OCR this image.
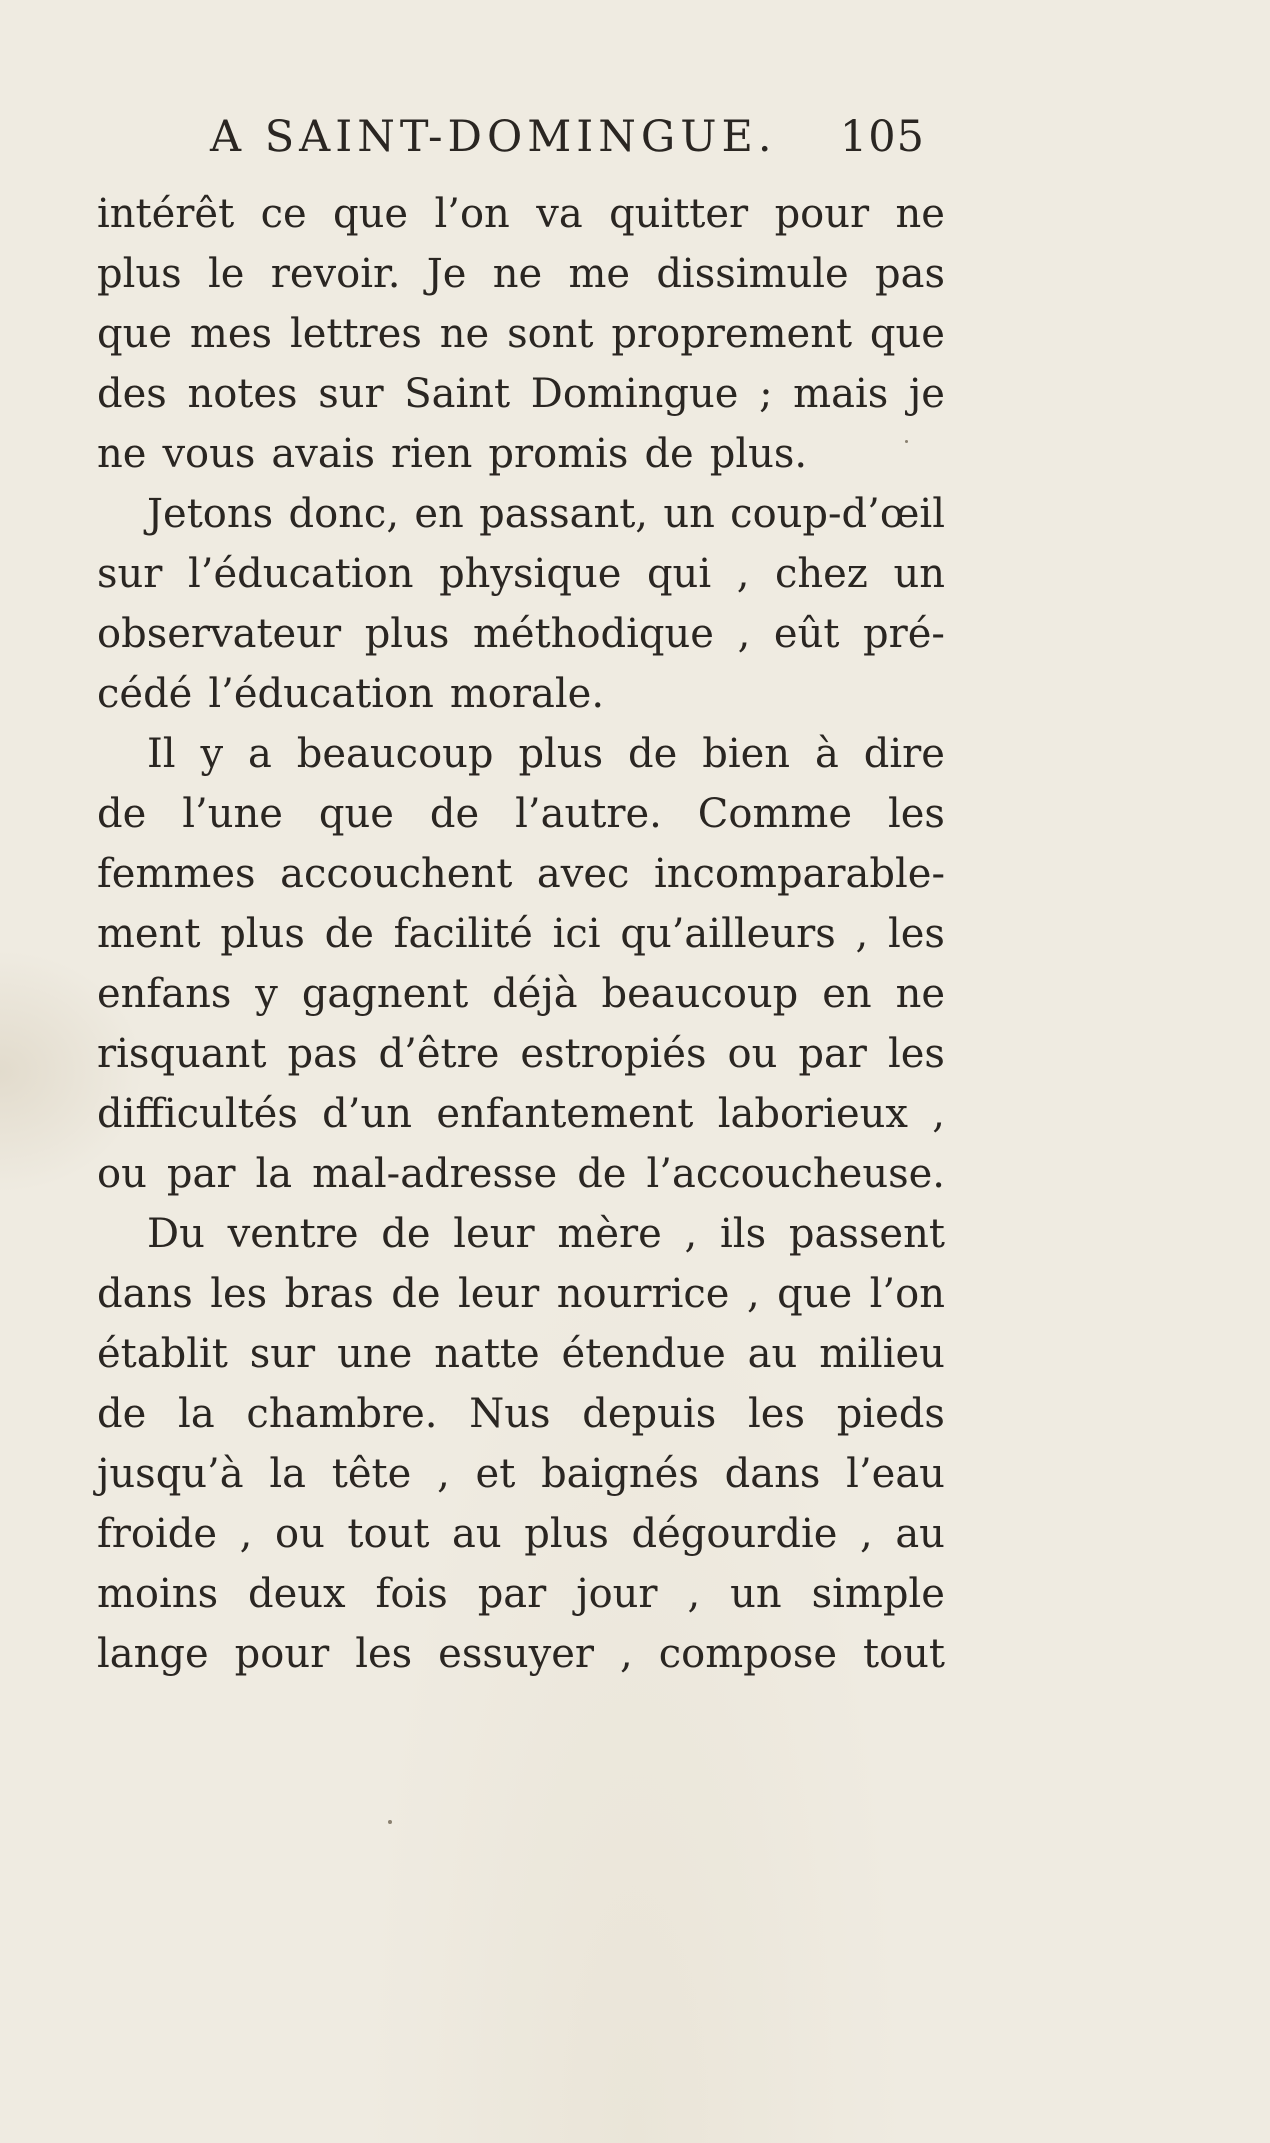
A SAINT-DOMINGUE. 105
intérêt ce que l’on va quitter pour ne
plus le revoir. Je ne me dissimule pas
que mes lettres ne sont proprement que
des notes sur Saint Domingue ; mais je
ne vous avais rien promis de plus.
Jetons donc, en passant, un coup-d’œil
sur l’éducation physique qui , chez un
observateur plus méthodique , eût pré-
cédé l’éducation morale.
Il y a beaucoup plus de bien à dire
de l’une que de l’autre. Comme les
femmes accouchent avec incomparable-
ment plus de facilité ici qu’ailleurs , les
enfans y gagnent déjà beaucoup en ne
risquant pas d’être estropiés ou par les
difficultés d’un enfantement laborieux ,
ou par la mal-adresse de l’accoucheuse.
Du ventre de leur mère , ils passent
dans les bras de leur nourrice , que l’on
établit sur une natte étendue au milieu
de la chambre. Nus depuis les pieds
jusqu’à la tête , et baignés dans l’eau
froide , ou tout au plus dégourdie , au
moins deux fois par jour , un simple
lange pour les essuyer , compose tout
